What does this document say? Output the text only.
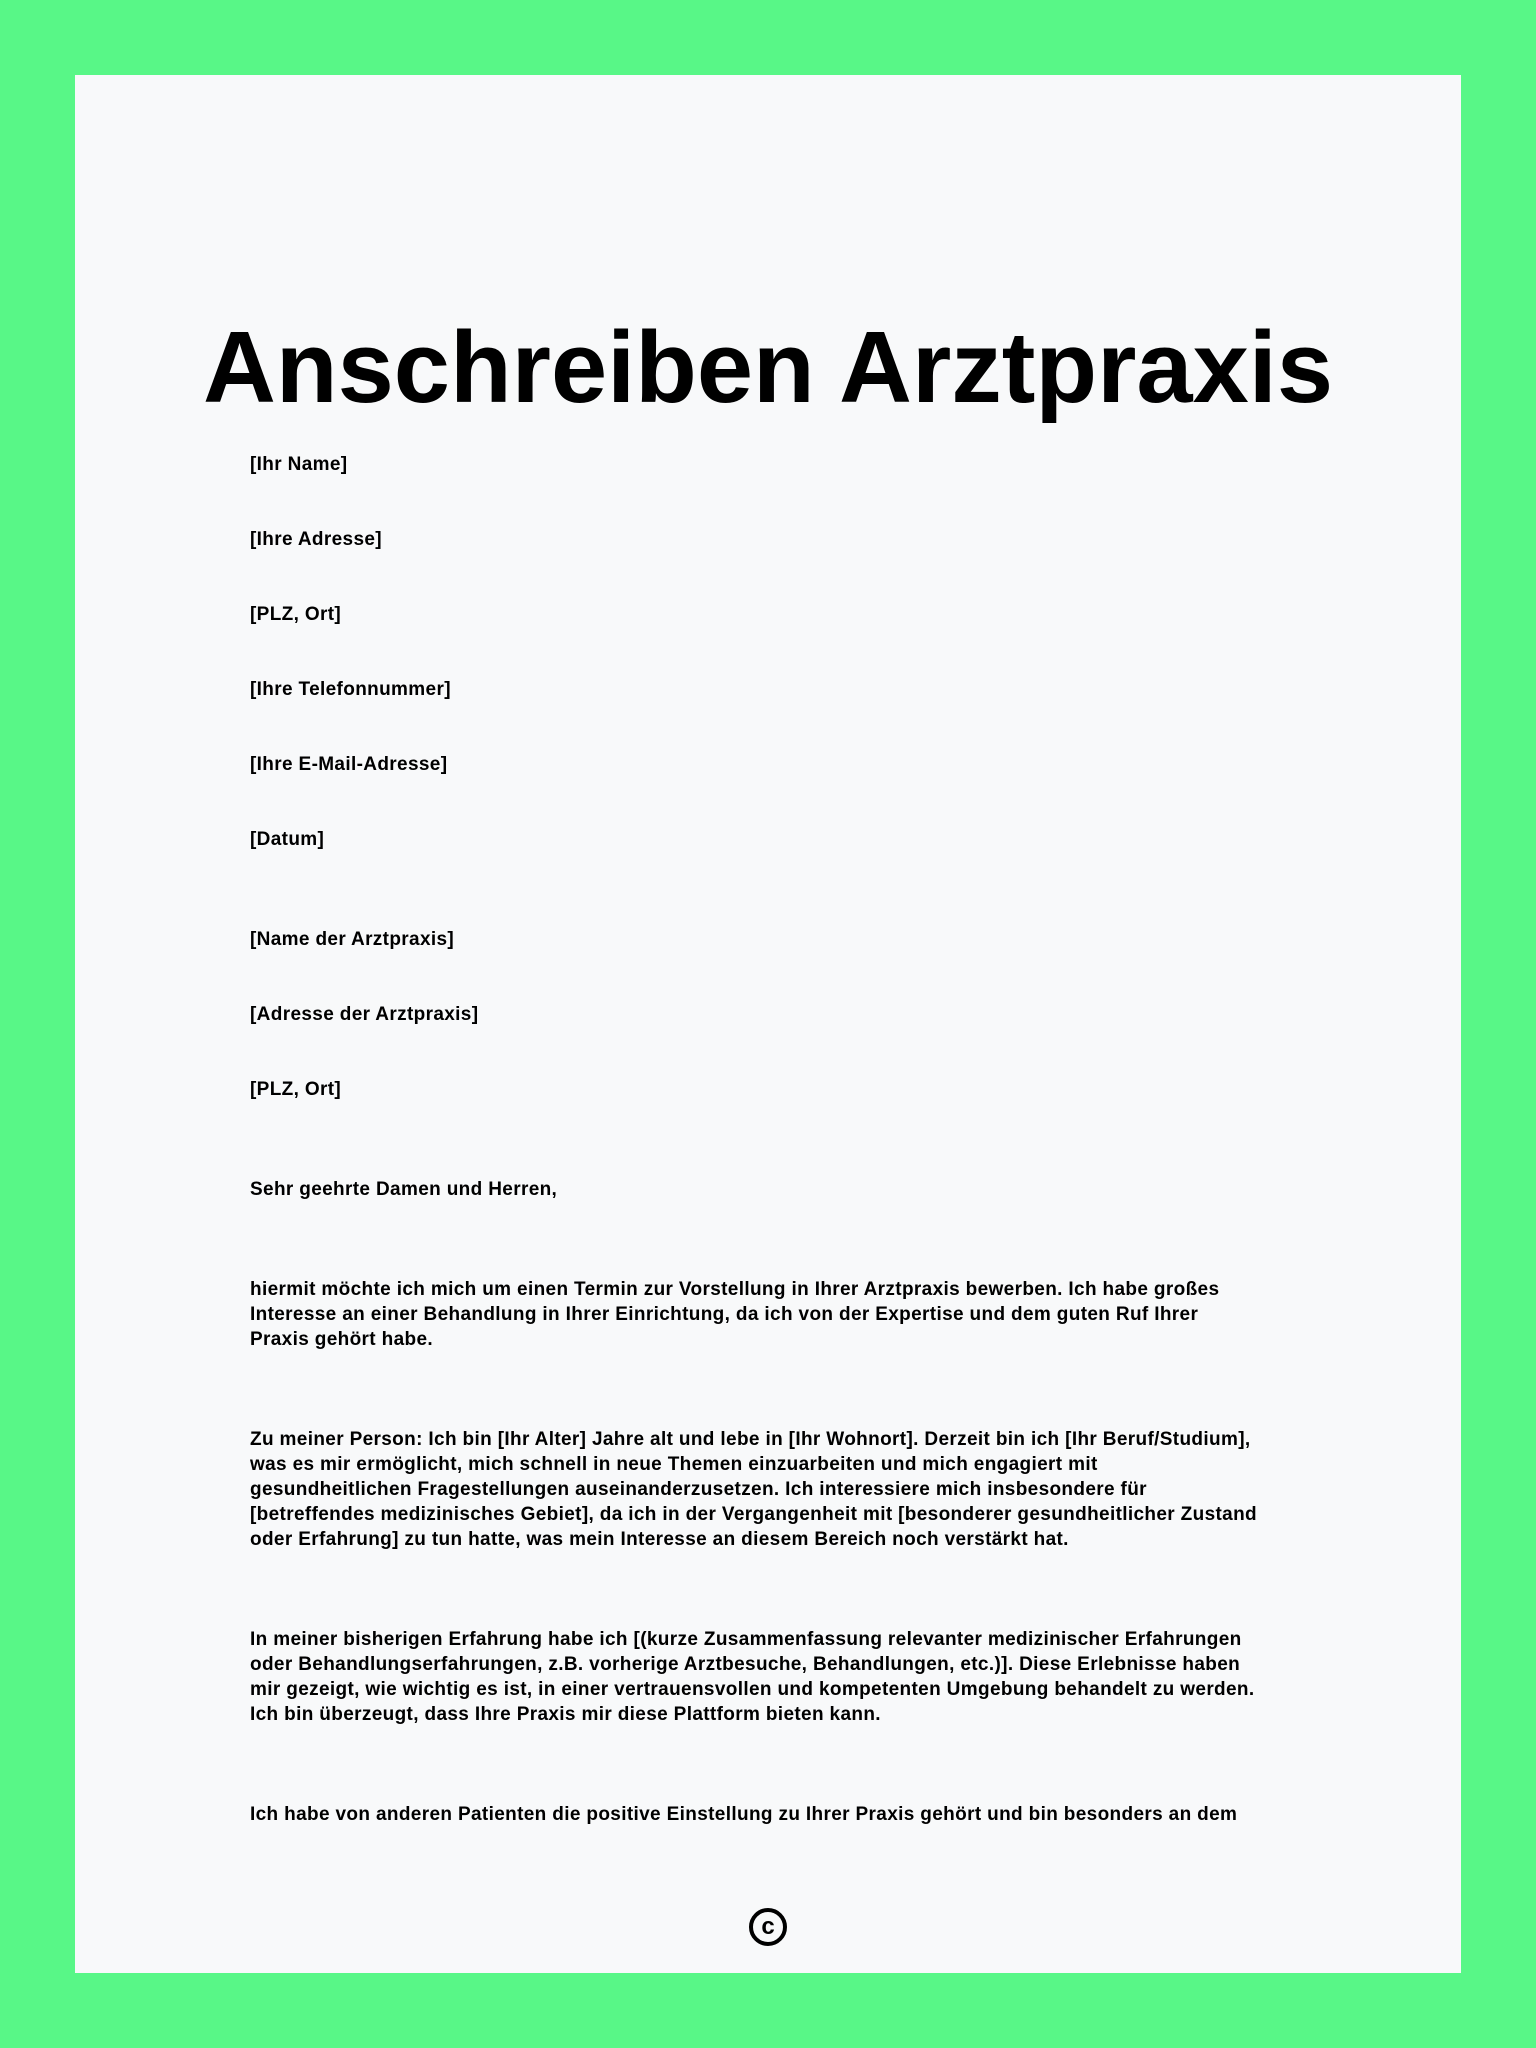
Anschreiben Arztpraxis
[Ihr Name]
[Ihre Adresse]
[PLZ, Ort]
[Ihre Telefonnummer]
[Ihre E-Mail-Adresse]
[Datum]
[Name der Arztpraxis]
[Adresse der Arztpraxis]
[PLZ, Ort]
Sehr geehrte Damen und Herren,
hiermit möchte ich mich um einen Termin zur Vorstellung in Ihrer Arztpraxis bewerben. Ich habe großes
Interesse an einer Behandlung in Ihrer Einrichtung, da ich von der Expertise und dem guten Ruf Ihrer
Praxis gehört habe.
Zu meiner Person: Ich bin [Ihr Alter] Jahre alt und lebe in [Ihr Wohnort]. Derzeit bin ich [Ihr Beruf/Studium],
was es mir ermöglicht, mich schnell in neue Themen einzuarbeiten und mich engagiert mit
gesundheitlichen Fragestellungen auseinanderzusetzen. Ich interessiere mich insbesondere für
[betreffendes medizinisches Gebiet], da ich in der Vergangenheit mit [besonderer gesundheitlicher Zustand
oder Erfahrung] zu tun hatte, was mein Interesse an diesem Bereich noch verstärkt hat.
In meiner bisherigen Erfahrung habe ich [(kurze Zusammenfassung relevanter medizinischer Erfahrungen
oder Behandlungserfahrungen, z.B. vorherige Arztbesuche, Behandlungen, etc.)]. Diese Erlebnisse haben
mir gezeigt, wie wichtig es ist, in einer vertrauensvollen und kompetenten Umgebung behandelt zu werden.
Ich bin überzeugt, dass Ihre Praxis mir diese Plattform bieten kann.
Ich habe von anderen Patienten die positive Einstellung zu Ihrer Praxis gehört und bin besonders an dem
c
